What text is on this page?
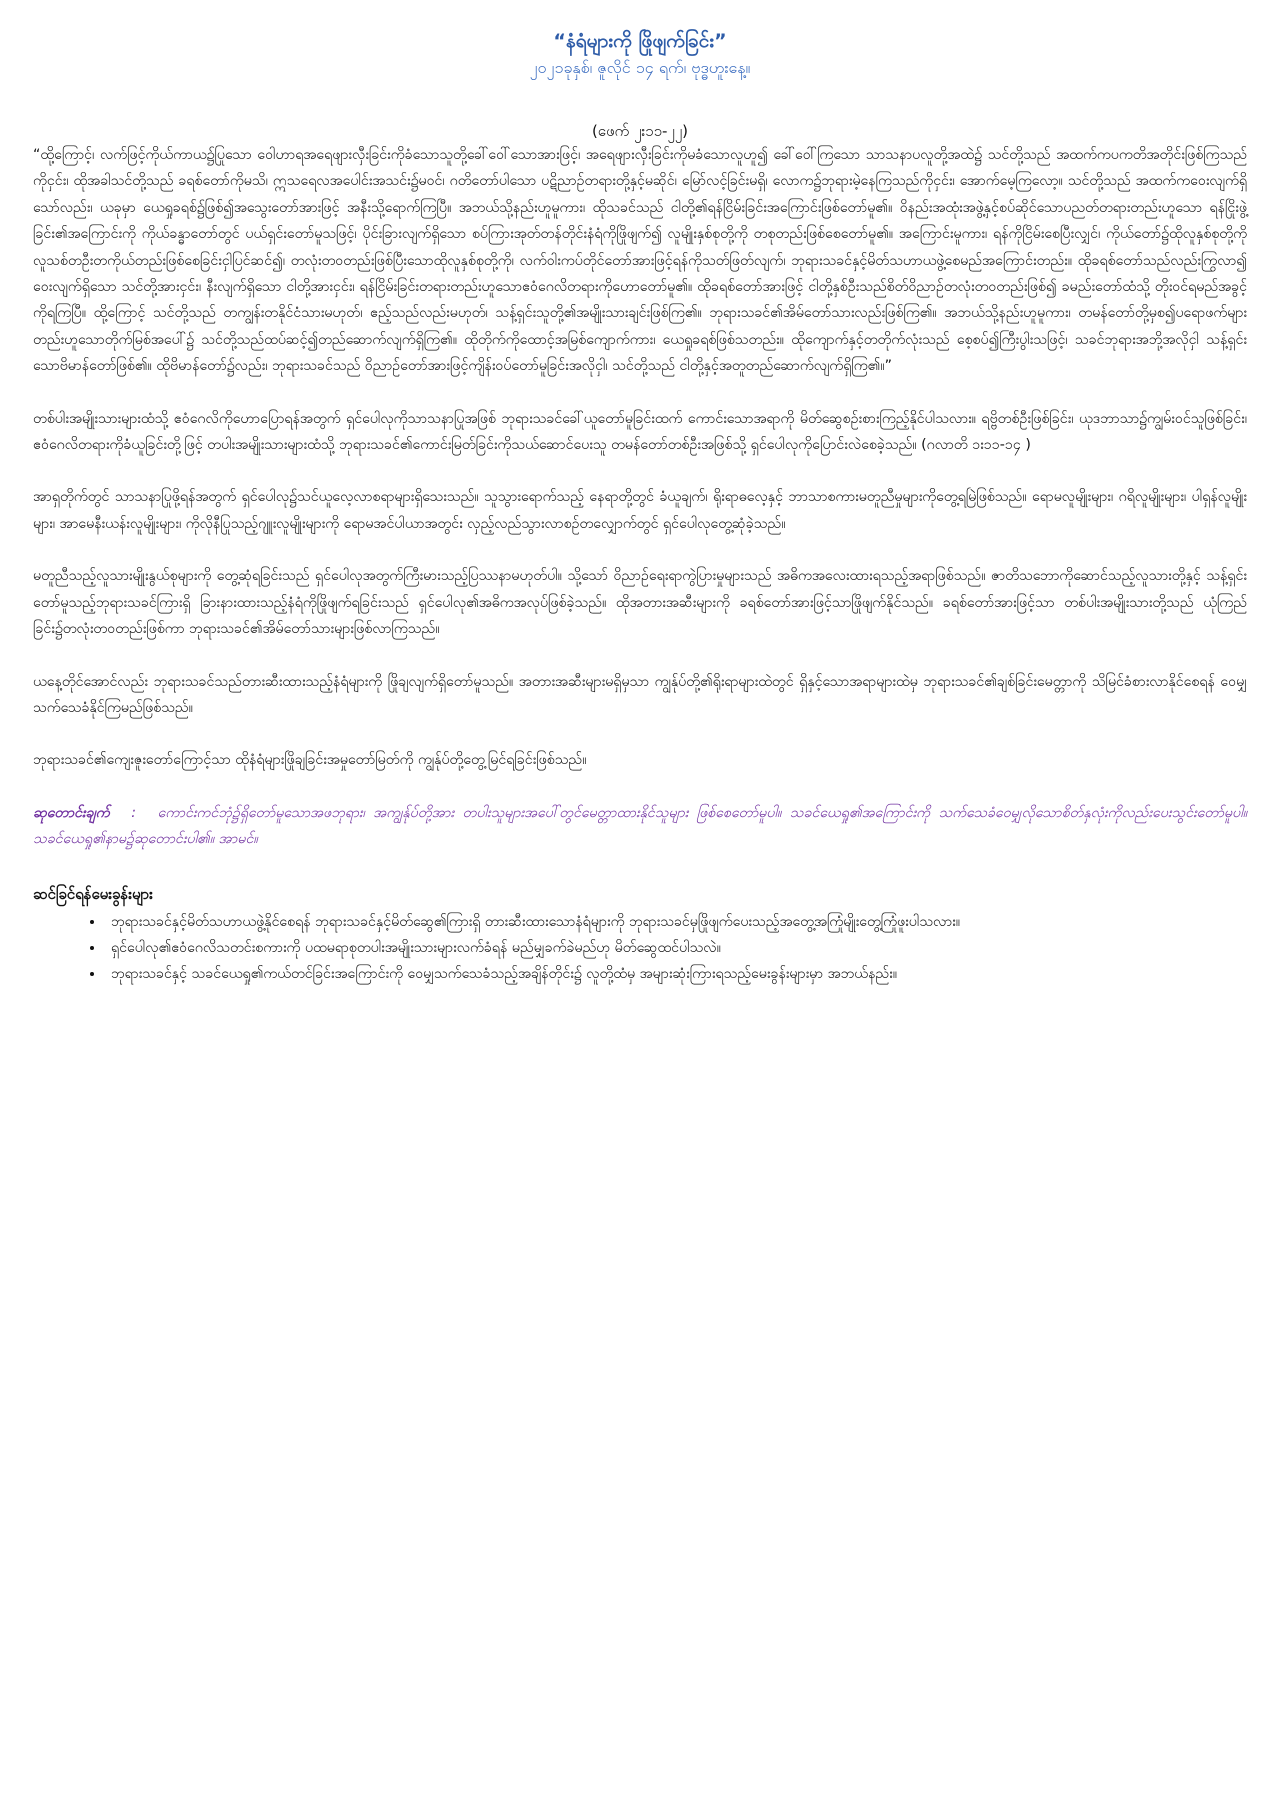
“နံရံများကို ဖြိုဖျက်ခြင်း”
၂၀၂၁ခုနှစ်၊ ဇူလိုင် ၁၄ ရက်၊ ဗုဒ္ဓဟူးနေ့။
(ဖေက် ၂း၁၁-၂၂)

“ထို့ကြောင့်၊ လက်ဖြင့်ကိုယ်ကာယ၌ပြုသော ဝေါဟာရအရေဖျားလှီးခြင်းကိုခံသောသူတို့ခေါ်ဝေါ်သောအားဖြင့်၊ အရေဖျားလှီးခြင်းကိုမခံသောလူဟူ၍ ခေါ်ဝေါ်ကြသော သာသနာပလူတို့အထဲ၌ သင်တို့သည် အထက်ကပကတိအတိုင်းဖြစ်ကြသည်ကိုငှင်း၊ ထိုအခါသင်တို့သည် ခရစ်တော်ကိုမသိ၊ ဣသရေလအပေါင်းအသင်း၌မဝင်၊ ဂတိတော်ပါသော ပဋိညာဉ်တရားတို့နှင့်မဆိုင်၊ မြော်လင့်ခြင်းမရှိ၊ လောက၌ဘုရားမဲ့နေကြသည်ကိုငှင်း၊ အောက်မေ့ကြလော့။ သင်တို့သည် အထက်ကဝေးလျက်ရှိသော်လည်း၊ ယခုမှာ ယေရှုခရစ်၌ဖြစ်၍အသွေးတော်အားဖြင့် အနီးသို့ရောက်ကြပြီ။ အဘယ်သို့နည်းဟူမူကား၊ ထိုသခင်သည် ငါတို့၏ရန်ငြိမ်းခြင်းအကြောင်းဖြစ်တော်မူ၏။ ဝိနည်းအထုံးအဖွဲ့နှင့်စပ်ဆိုင်သောပညတ်တရားတည်းဟူသော ရန်ငြိုးဖွဲ့ခြင်း၏အကြောင်းကို ကိုယ်ခန္ဓာတော်တွင် ပယ်ရှင်းတော်မူသဖြင့်၊ ပိုင်းခြားလျက်ရှိသော စပ်ကြားအုတ်တန်တိုင်းနံရံကိုဖြိုဖျက်၍ လူမျိုးနှစ်စုတို့ကို တစုတည်းဖြစ်စေတော်မူ၏။ အကြောင်းမူကား၊ ရန်ကိုငြိမ်းစေပြီးလျှင်၊ ကိုယ်တော်၌ထိုလူနှစ်စုတို့ကို လူသစ်တဦးတကိုယ်တည်းဖြစ်စေခြင်းငှါပြင်ဆင်၍၊ တလုံးတဝတည်းဖြစ်ပြီးသောထိုလူနှစ်စုတို့ကို၊ လက်ဝါးကပ်တိုင်တော်အားဖြင့်ရန်ကိုသတ်ဖြတ်လျက်၊ ဘုရားသခင်နှင့်မိတ်သဟာယဖွဲ့စေမည်အကြောင်းတည်း။ ထိုခရစ်တော်သည်လည်းကြွလာ၍ ဝေးလျက်ရှိသော သင်တို့အားငှင်း၊ နီးလျက်ရှိသော ငါတို့အားငှင်း၊ ရန်ငြိမ်းခြင်းတရားတည်းဟူသောဧဝံဂေလိတရားကိုဟောတော်မူ၏။ ထိုခရစ်တော်အားဖြင့် ငါတို့နှစ်ဦးသည်စိတ်ဝိညာဉ်တလုံးတဝတည်းဖြစ်၍ ခမည်းတော်ထံသို့ တိုးဝင်ရမည်အခွင့်ကိုရကြပြီ။ ထို့ကြောင့် သင်တို့သည် တကျွန်းတနိုင်ငံသားမဟုတ်၊ ဧည့်သည်လည်းမဟုတ်၊ သန့်ရှင်းသူတို့၏အမျိုးသားချင်းဖြစ်ကြ၏။ ဘုရားသခင်၏အိမ်တော်သားလည်းဖြစ်ကြ၏။ အဘယ်သို့နည်းဟူမူကား၊ တမန်တော်တို့မှစ၍ပရောဖက်များတည်းဟူသောတိုက်မြစ်အပေါ်၌ သင်တို့သည်ထပ်ဆင့်၍တည်ဆောက်လျက်ရှိကြ၏။ ထိုတိုက်ကိုထောင့်အမြစ်ကျောက်ကား၊ ယေရှုခရစ်ဖြစ်သတည်း။ ထိုကျောက်နှင့်တတိုက်လုံးသည် စေ့စပ်၍ကြီးပွါးသဖြင့်၊ သခင်ဘုရားအဘို့အလိုငှါ သန့်ရှင်းသောဗိမာန်တော်ဖြစ်၏။ ထိုဗိမာန်တော်၌လည်း၊ ဘုရားသခင်သည် ဝိညာဉ်တော်အားဖြင့်ကျိန်းဝပ်တော်မူခြင်းအလိုငှါ၊ သင်တို့သည် ငါတို့နှင့်အတူတည်ဆောက်လျက်ရှိကြ၏။”

တစ်ပါးအမျိုးသားများထံသို့ ဧဝံဂေလိကိုဟောပြောရန်အတွက် ရှင်ပေါလုကိုသာသနာပြုအဖြစ် ဘုရားသခင်ခေါ်ယူတော်မူခြင်းထက် ကောင်းသောအရာကို မိတ်ဆွေစဉ်းစားကြည့်နိုင်ပါသလား။ ရဗ္ဗိတစ်ဦးဖြစ်ခြင်း၊ ယုဒဘာသာ၌ကျွမ်းဝင်သူဖြစ်ခြင်း၊ ဧဝံဂေလိတရားကိုခံယူခြင်းတို့ဖြင့် တပါးအမျိုးသားများထံသို့ ဘုရားသခင်၏ကောင်းမြတ်ခြင်းကိုသယ်ဆောင်ပေးသူ တမန်တော်တစ်ဦးအဖြစ်သို့ ရှင်ပေါလုကိုပြောင်းလဲစေခဲ့သည်။ (ဂလာတိ ၁း၁၁-၁၄ )

အာရှတိုက်တွင် သာသနာပြုဖို့ရန်အတွက် ရှင်ပေါလု၌သင်ယူလေ့လာစရာများရှိသေးသည်။ သူသွားရောက်သည့် နေရာတို့တွင် ခံယူချက်၊ ရိုးရာဓလေ့နှင့် ဘာသာစကားမတူညီမှုများကိုတွေ့ရမြဲဖြစ်သည်။ ရောမလူမျိုးများ၊ ဂရိလူမျိုးများ၊ ပါရှန်လူမျိုးများ၊ အာမေနီးယန်းလူမျိုးများ၊ ကိုလိုနီပြုသည့်ဂျူးလူမျိုးများကို ရောမအင်ပါယာအတွင်း လှည့်လည်သွားလာစဉ်တလျှောက်တွင် ရှင်ပေါလုတွေ့ဆုံခဲ့သည်။

မတူညီသည့်လူသားမျိုးနွယ်စုများကို တွေ့ဆုံရခြင်းသည် ရှင်ပေါလုအတွက်ကြီးမားသည့်ပြဿနာမဟုတ်ပါ။ သို့သော် ဝိညာဉ်ရေးရာကွဲပြားမှုများသည် အဓိကအလေးထားရသည့်အရာဖြစ်သည်။ ဇာတိသဘောကိုဆောင်သည့်လူသားတို့နှင့် သန့်ရှင်းတော်မူသည့်ဘုရားသခင်ကြားရှိ ခြားနားထားသည့်နံရံကိုဖြိုဖျက်ရခြင်းသည် ရှင်ပေါလု၏အဓိကအလုပ်ဖြစ်ခဲ့သည်။ ထိုအတားအဆီးများကို ခရစ်တော်အားဖြင့်သာဖြိုဖျက်နိုင်သည်။ ခရစ်တော်အားဖြင့်သာ တစ်ပါးအမျိုးသားတို့သည် ယုံကြည်ခြင်း၌တလုံးတဝတည်းဖြစ်ကာ ဘုရားသခင်၏အိမ်တော်သားများဖြစ်လာကြသည်။

ယနေ့တိုင်အောင်လည်း ဘုရားသခင်သည်တားဆီးထားသည့်နံရံများကို ဖြိုချလျက်ရှိတော်မူသည်။ အတားအဆီးများမရှိမှသာ ကျွန်ုပ်တို့၏ရိုးရာများထဲတွင် ရှိနှင့်သောအရာများထဲမှ ဘုရားသခင်၏ချစ်ခြင်းမေတ္တာကို သိမြင်ခံစားလာနိုင်စေရန် ဝေမျှသက်သေခံနိုင်ကြမည်ဖြစ်သည်။

ဘုရားသခင်၏ကျေးဇူးတော်ကြောင့်သာ ထိုနံရံများဖြိုချခြင်းအမှုတော်မြတ်ကို ကျွန်ုပ်တို့တွေ့မြင်ရခြင်းဖြစ်သည်။

ဆုတောင်းချက် : ကောင်းကင်ဘုံ၌ရှိတော်မူသောအဖဘုရား၊ အကျွန်ုပ်တို့အား တပါးသူများအပေါ်တွင်မေတ္တာထားနိုင်သူများ ဖြစ်စေတော်မူပါ။ သခင်ယေရှု၏အကြောင်းကို သက်သေခံဝေမျှလိုသောစိတ်နှလုံးကိုလည်းပေးသွင်းတော်မူပါ။ သခင်ယေရှု၏နာမ၌ဆုတောင်းပါ၏။ အာမင်။

ဆင်ခြင်ရန်မေးခွန်းများ
• ဘုရားသခင်နှင့်မိတ်သဟာယဖွဲ့နိုင်စေရန် ဘုရားသခင်နှင့်မိတ်ဆွေ၏ကြားရှိ တားဆီးထားသောနံရံများကို ဘုရားသခင်မှဖြိုဖျက်ပေးသည့်အတွေ့အကြုံမျိုးတွေ့ကြုံဖူးပါသလား။
• ရှင်ပေါလု၏ဧဝံဂေလိသတင်းစကားကို ပထမရာစုတပါးအမျိုးသားများလက်ခံရန် မည်မျှခက်ခဲမည်ဟု မိတ်ဆွေထင်ပါသလဲ။
• ဘုရားသခင်နှင့် သခင်ယေရှု၏ကယ်တင်ခြင်းအကြောင်းကို ဝေမျှသက်သေခံသည့်အချိန်တိုင်း၌ လူတို့ထံမှ အများဆုံးကြားရသည့်မေးခွန်းများမှာ အဘယ်နည်း။
